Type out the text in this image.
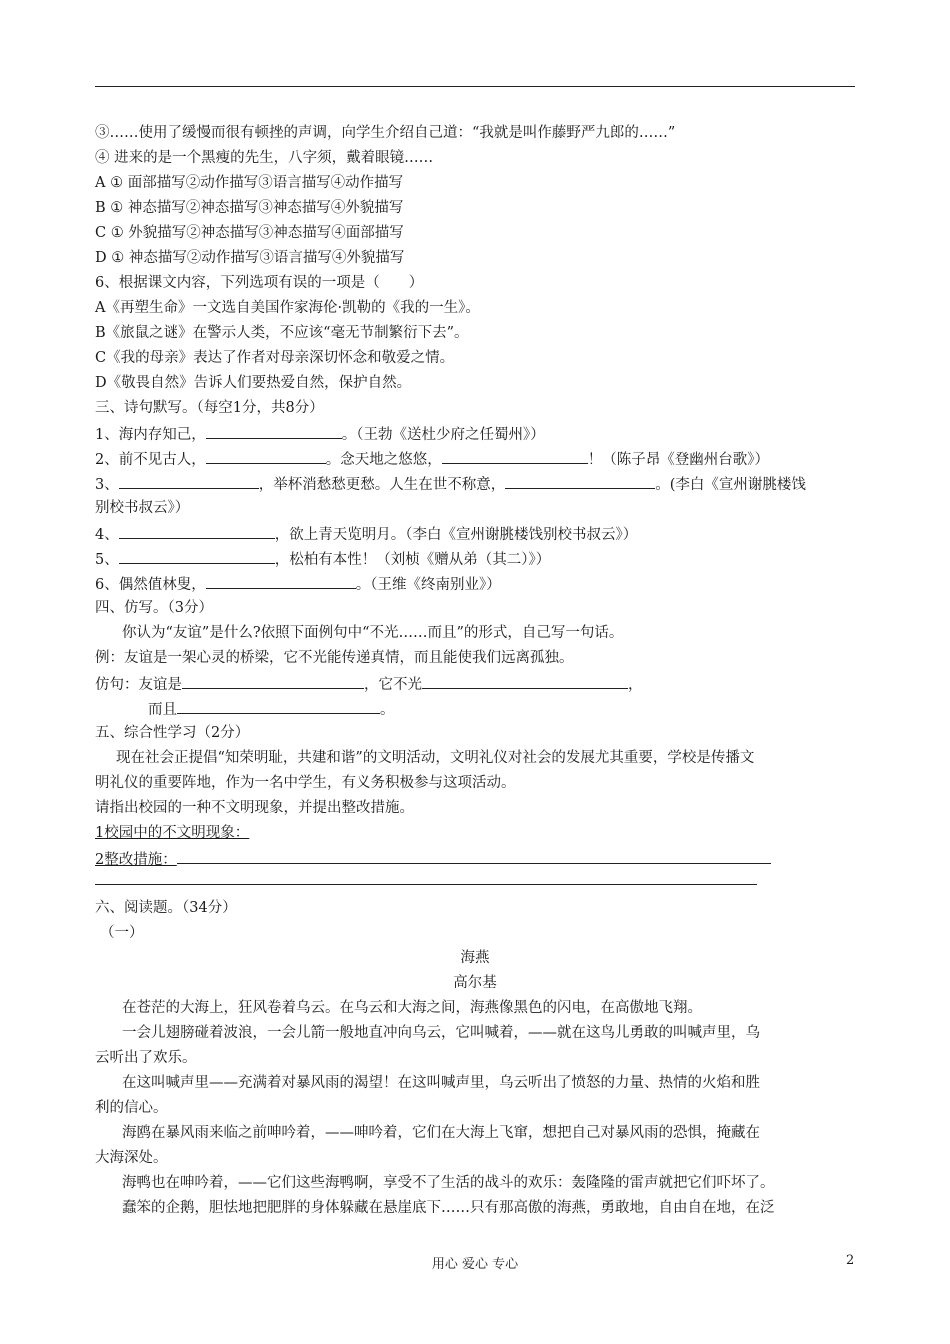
③……使用了缓慢而很有顿挫的声调，向学生介绍自己道：“我就是叫作藤野严九郎的……”
④ 进来的是一个黑瘦的先生，八字须，戴着眼镜……
A ① 面部描写②动作描写③语言描写④动作描写
B ① 神态描写②神态描写③神态描写④外貌描写
C ① 外貌描写②神态描写③神态描写④面部描写
D ① 神态描写②动作描写③语言描写④外貌描写
6、根据课文内容，下列选项有误的一项是（　　）
A《再塑生命》一文选自美国作家海伦·凯勒的《我的一生》。
B《旅鼠之谜》在警示人类，不应该“毫无节制繁衍下去”。
C《我的母亲》表达了作者对母亲深切怀念和敬爱之情。
D《敬畏自然》告诉人们要热爱自然，保护自然。
三、诗句默写。（每空1分，共8分）
1、海内存知己，	。（王勃《送杜少府之任蜀州》）
2、前不见古人，	。念天地之悠悠，	！（陈子昂《登幽州台歌》）
3、	，举杯消愁愁更愁。人生在世不称意，	。(李白《宣州谢朓楼饯
别校书叔云》）
4、	，欲上青天览明月。（李白《宣州谢朓楼饯别校书叔云》）
5、	，松柏有本性！（刘桢《赠从弟（其二）》）
6、偶然值林叟，	。（王维《终南别业》）
四、仿写。（3分）
你认为“友谊”是什么?依照下面例句中“不光……而且”的形式，自己写一句话。
例：友谊是一架心灵的桥梁，它不光能传递真情，而且能使我们远离孤独。
仿句：友谊是	，它不光	，
而且	。
五、综合性学习（2分）
现在社会正提倡“知荣明耻，共建和谐”的文明活动，文明礼仪对社会的发展尤其重要，学校是传播文
明礼仪的重要阵地，作为一名中学生，有义务积极参与这项活动。
请指出校园的一种不文明现象，并提出整改措施。
1校园中的不文明现象：
2整改措施：
六、阅读题。（34分）
（一）
海燕
高尔基
在苍茫的大海上，狂风卷着乌云。在乌云和大海之间，海燕像黑色的闪电，在高傲地飞翔。
一会儿翅膀碰着波浪，一会儿箭一般地直冲向乌云，它叫喊着，——就在这鸟儿勇敢的叫喊声里，乌
云听出了欢乐。
在这叫喊声里——充满着对暴风雨的渴望！在这叫喊声里，乌云听出了愤怒的力量、热情的火焰和胜
利的信心。
海鸥在暴风雨来临之前呻吟着，——呻吟着，它们在大海上飞窜，想把自己对暴风雨的恐惧，掩藏在
大海深处。
海鸭也在呻吟着，——它们这些海鸭啊，享受不了生活的战斗的欢乐：轰隆隆的雷声就把它们吓坏了。
蠢笨的企鹅，胆怯地把肥胖的身体躲藏在悬崖底下……只有那高傲的海燕，勇敢地，自由自在地，在泛
用心 爱心 专心	2
